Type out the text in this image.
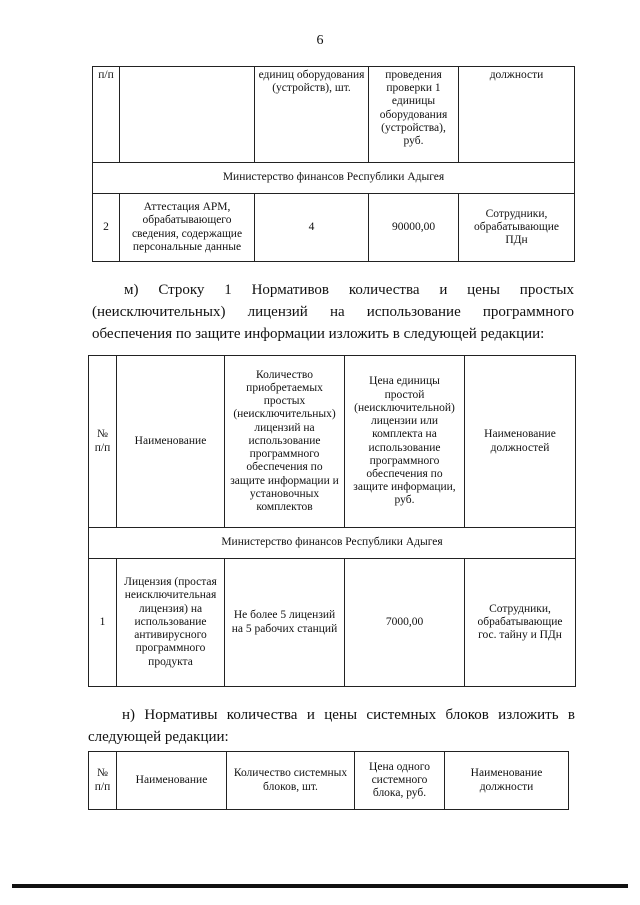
6
п/п		единиц оборудования (устройств), шт.	проведения проверки 1 единицы оборудования (устройства), руб.	должности
Министерство финансов Республики Адыгея				
2	Аттестация АРМ, обрабатывающего сведения, содержащие персональные данные	4	90000,00	Сотрудники, обрабатывающие ПДн
м) Строку 1 Нормативов количества и цены простых
(неисключительных) лицензий на использование программного
обеспечения по защите информации изложить в следующей редакции:
№ п/п	Наименование	Количество приобретаемых простых (неисключительных) лицензий на использование программного обеспечения по защите информации и установочных комплектов	Цена единицы простой (неисключительной) лицензии или комплекта на использование программного обеспечения по защите информации, руб.	Наименование должностей
Министерство финансов Республики Адыгея				
1	Лицензия (простая неисключительная лицензия) на использование антивирусного программного продукта	Не более 5 лицензий на 5 рабочих станций	7000,00	Сотрудники, обрабатывающие гос. тайну и ПДн
н) Нормативы количества и цены системных блоков изложить в
следующей редакции:
№ п/п	Наименование	Количество системных блоков, шт.	Цена одного системного блока, руб.	Наименование должности
